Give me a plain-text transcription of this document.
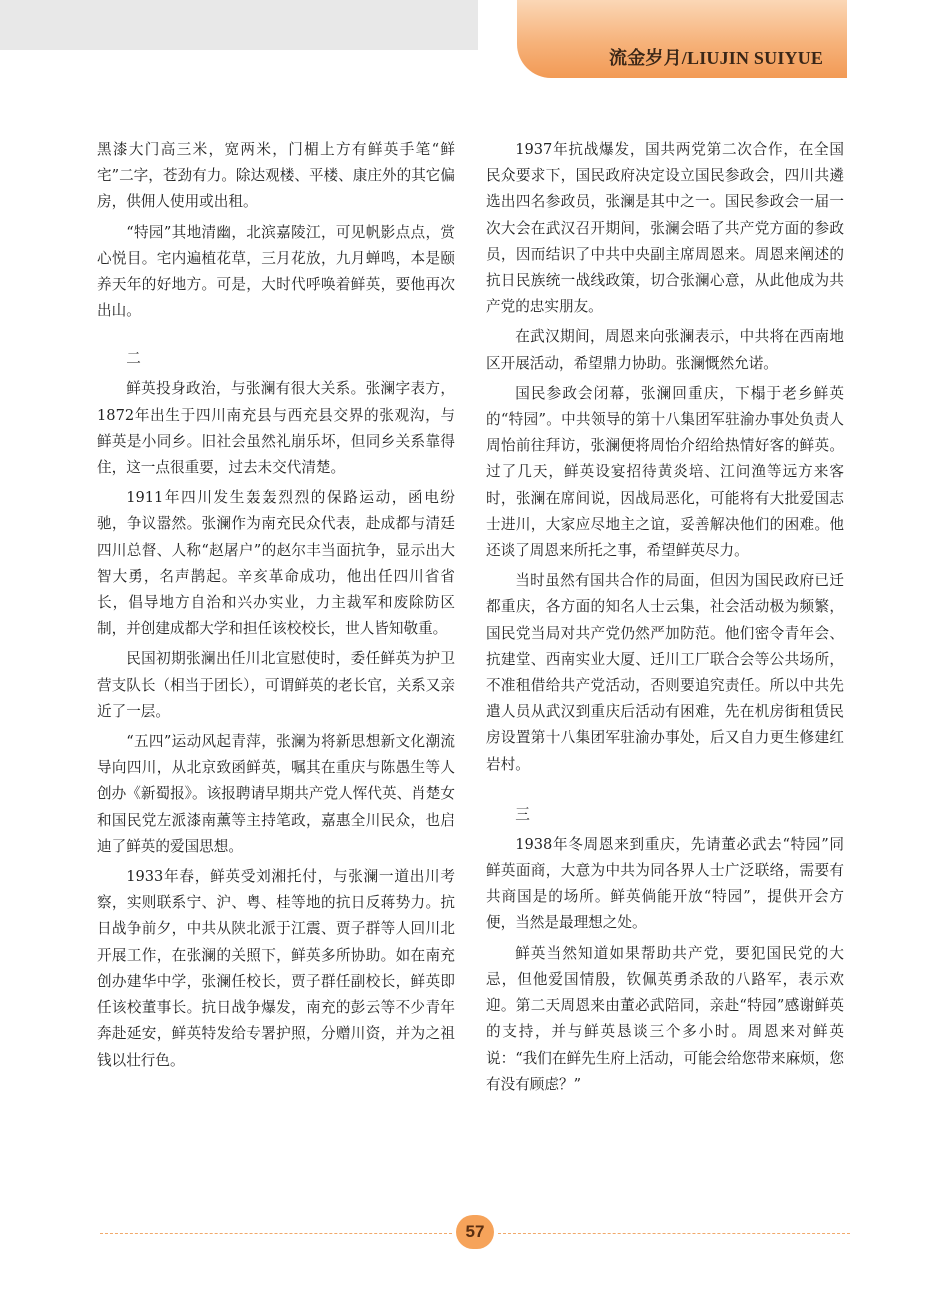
流金岁月/LIUJIN SUIYUE

黑漆大门高三米，宽两米，门楣上方有鲜英手笔“鲜宅”二字，苍劲有力。除达观楼、平楼、康庄外的其它偏房，供佣人使用或出租。

“特园”其地清幽，北滨嘉陵江，可见帆影点点，赏心悦目。宅内遍植花草，三月花放，九月蝉鸣，本是颐养天年的好地方。可是，大时代呼唤着鲜英，要他再次出山。

二

鲜英投身政治，与张澜有很大关系。张澜字表方，1872年出生于四川南充县与西充县交界的张观沟，与鲜英是小同乡。旧社会虽然礼崩乐坏，但同乡关系靠得住，这一点很重要，过去未交代清楚。

1911年四川发生轰轰烈烈的保路运动，函电纷驰，争议嚣然。张澜作为南充民众代表，赴成都与清廷四川总督、人称“赵屠户”的赵尔丰当面抗争，显示出大智大勇，名声鹊起。辛亥革命成功，他出任四川省省长，倡导地方自治和兴办实业，力主裁军和废除防区制，并创建成都大学和担任该校校长，世人皆知敬重。

民国初期张澜出任川北宣慰使时，委任鲜英为护卫营支队长（相当于团长），可谓鲜英的老长官，关系又亲近了一层。

“五四”运动风起青萍，张澜为将新思想新文化潮流导向四川，从北京致函鲜英，嘱其在重庆与陈愚生等人创办《新蜀报》。该报聘请早期共产党人恽代英、肖楚女和国民党左派漆南薰等主持笔政，嘉惠全川民众，也启迪了鲜英的爱国思想。

1933年春，鲜英受刘湘托付，与张澜一道出川考察，实则联系宁、沪、粤、桂等地的抗日反蒋势力。抗日战争前夕，中共从陕北派于江震、贾子群等人回川北开展工作，在张澜的关照下，鲜英多所协助。如在南充创办建华中学，张澜任校长，贾子群任副校长，鲜英即任该校董事长。抗日战争爆发，南充的彭云等不少青年奔赴延安，鲜英特发给专署护照，分赠川资，并为之祖钱以壮行色。

1937年抗战爆发，国共两党第二次合作，在全国民众要求下，国民政府决定设立国民参政会，四川共遴选出四名参政员，张澜是其中之一。国民参政会一届一次大会在武汉召开期间，张澜会晤了共产党方面的参政员，因而结识了中共中央副主席周恩来。周恩来阐述的抗日民族统一战线政策，切合张澜心意，从此他成为共产党的忠实朋友。

在武汉期间，周恩来向张澜表示，中共将在西南地区开展活动，希望鼎力协助。张澜慨然允诺。

国民参政会闭幕，张澜回重庆，下榻于老乡鲜英的“特园”。中共领导的第十八集团军驻渝办事处负责人周怡前往拜访，张澜便将周怡介绍给热情好客的鲜英。过了几天，鲜英设宴招待黄炎培、江问渔等远方来客时，张澜在席间说，因战局恶化，可能将有大批爱国志士进川，大家应尽地主之谊，妥善解决他们的困难。他还谈了周恩来所托之事，希望鲜英尽力。

当时虽然有国共合作的局面，但因为国民政府已迁都重庆，各方面的知名人士云集，社会活动极为频繁，国民党当局对共产党仍然严加防范。他们密令青年会、抗建堂、西南实业大厦、迁川工厂联合会等公共场所，不准租借给共产党活动，否则要追究责任。所以中共先遣人员从武汉到重庆后活动有困难，先在机房街租赁民房设置第十八集团军驻渝办事处，后又自力更生修建红岩村。

三

1938年冬周恩来到重庆，先请董必武去“特园”同鲜英面商，大意为中共为同各界人士广泛联络，需要有共商国是的场所。鲜英倘能开放“特园”，提供开会方便，当然是最理想之处。

鲜英当然知道如果帮助共产党，要犯国民党的大忌，但他爱国情殷，钦佩英勇杀敌的八路军，表示欢迎。第二天周恩来由董必武陪同，亲赴“特园”感谢鲜英的支持，并与鲜英恳谈三个多小时。周恩来对鲜英说：“我们在鲜先生府上活动，可能会给您带来麻烦，您有没有顾虑？”

57
